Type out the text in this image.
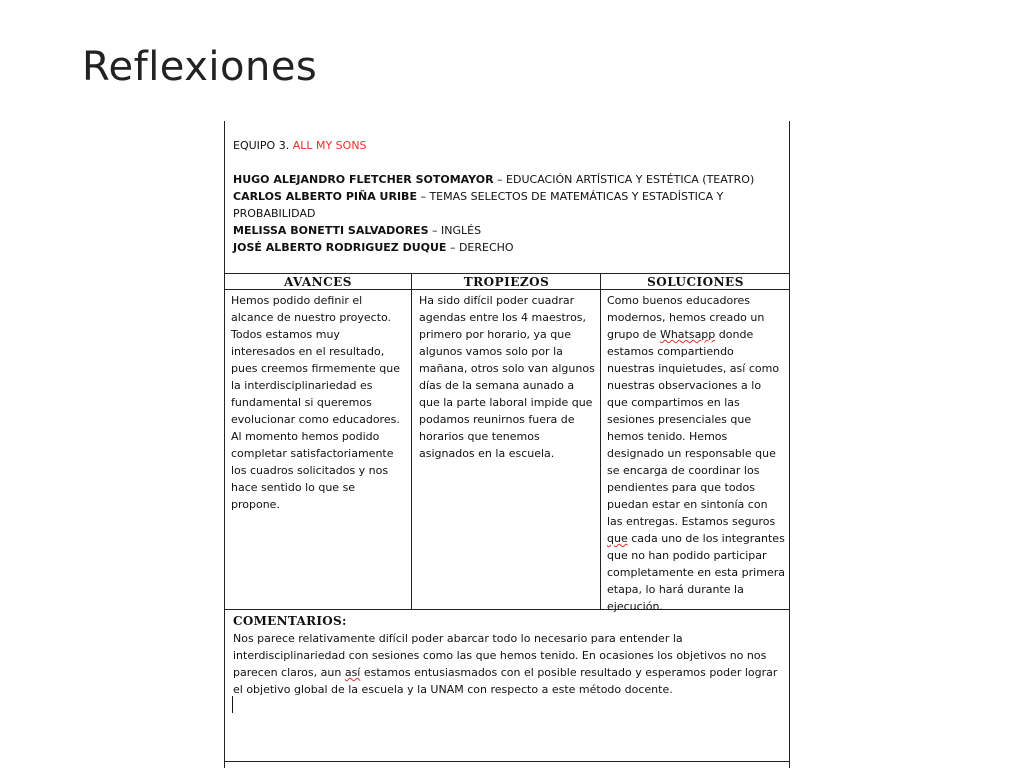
Reflexiones

EQUIPO 3. ALL MY SONS

HUGO ALEJANDRO FLETCHER SOTOMAYOR – EDUCACIÓN ARTÍSTICA Y ESTÉTICA (TEATRO)

CARLOS ALBERTO PIÑA URIBE – TEMAS SELECTOS DE MATEMÁTICAS Y ESTADÍSTICA Y PROBABILIDAD

MELISSA BONETTI SALVADORES – INGLÉS

JOSÉ ALBERTO RODRIGUEZ DUQUE – DERECHO

AVANCES	TROPIEZOS	SOLUCIONES

Hemos podido definir el alcance de nuestro proyecto. Todos estamos muy interesados en el resultado, pues creemos firmemente que la interdisciplinariedad es fundamental si queremos evolucionar como educadores. Al momento hemos podido completar satisfactoriamente los cuadros solicitados y nos hace sentido lo que se propone.

Ha sido difícil poder cuadrar agendas entre los 4 maestros, primero por horario, ya que algunos vamos solo por la mañana, otros solo van algunos días de la semana aunado a que la parte laboral impide que podamos reunirnos fuera de horarios que tenemos asignados en la escuela.

Como buenos educadores modernos, hemos creado un grupo de Whatsapp donde estamos compartiendo nuestras inquietudes, así como nuestras observaciones a lo que compartimos en las sesiones presenciales que hemos tenido. Hemos designado un responsable que se encarga de coordinar los pendientes para que todos puedan estar en sintonía con las entregas. Estamos seguros que cada uno de los integrantes que no han podido participar completamente en esta primera etapa, lo hará durante la ejecución.

COMENTARIOS:

Nos parece relativamente difícil poder abarcar todo lo necesario para entender la interdisciplinariedad con sesiones como las que hemos tenido. En ocasiones los objetivos no nos parecen claros, aun así estamos entusiasmados con el posible resultado y esperamos poder lograr el objetivo global de la escuela y la UNAM con respecto a este método docente.
